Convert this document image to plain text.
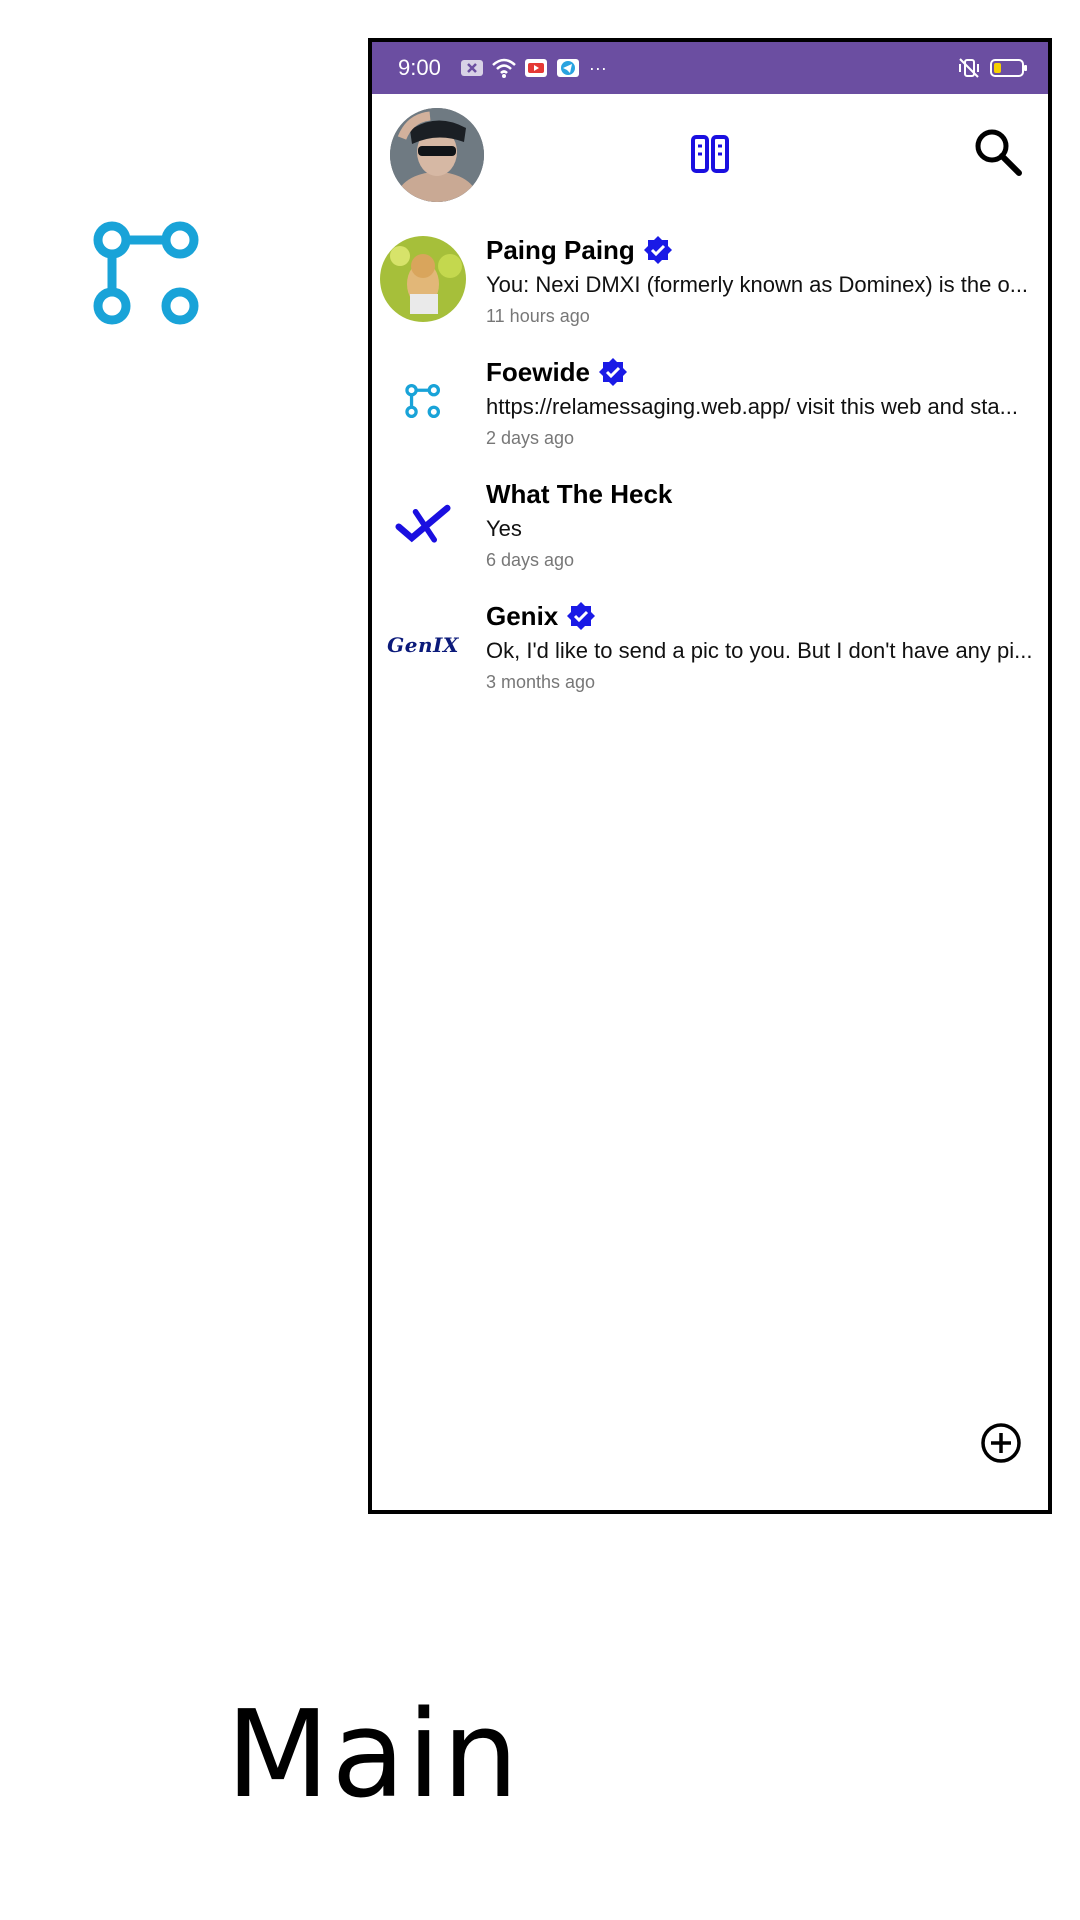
9:00	···
Paing Paing
You: Nexi DMXI (formerly known as Dominex) is the o...
11 hours ago
Foewide
https://relamessaging.web.app/ visit this web and sta...
2 days ago
What The Heck
Yes
6 days ago
GenIX
Genix
Ok, I'd like to send a pic to you. But I don't have any pi...
3 months ago
Main
